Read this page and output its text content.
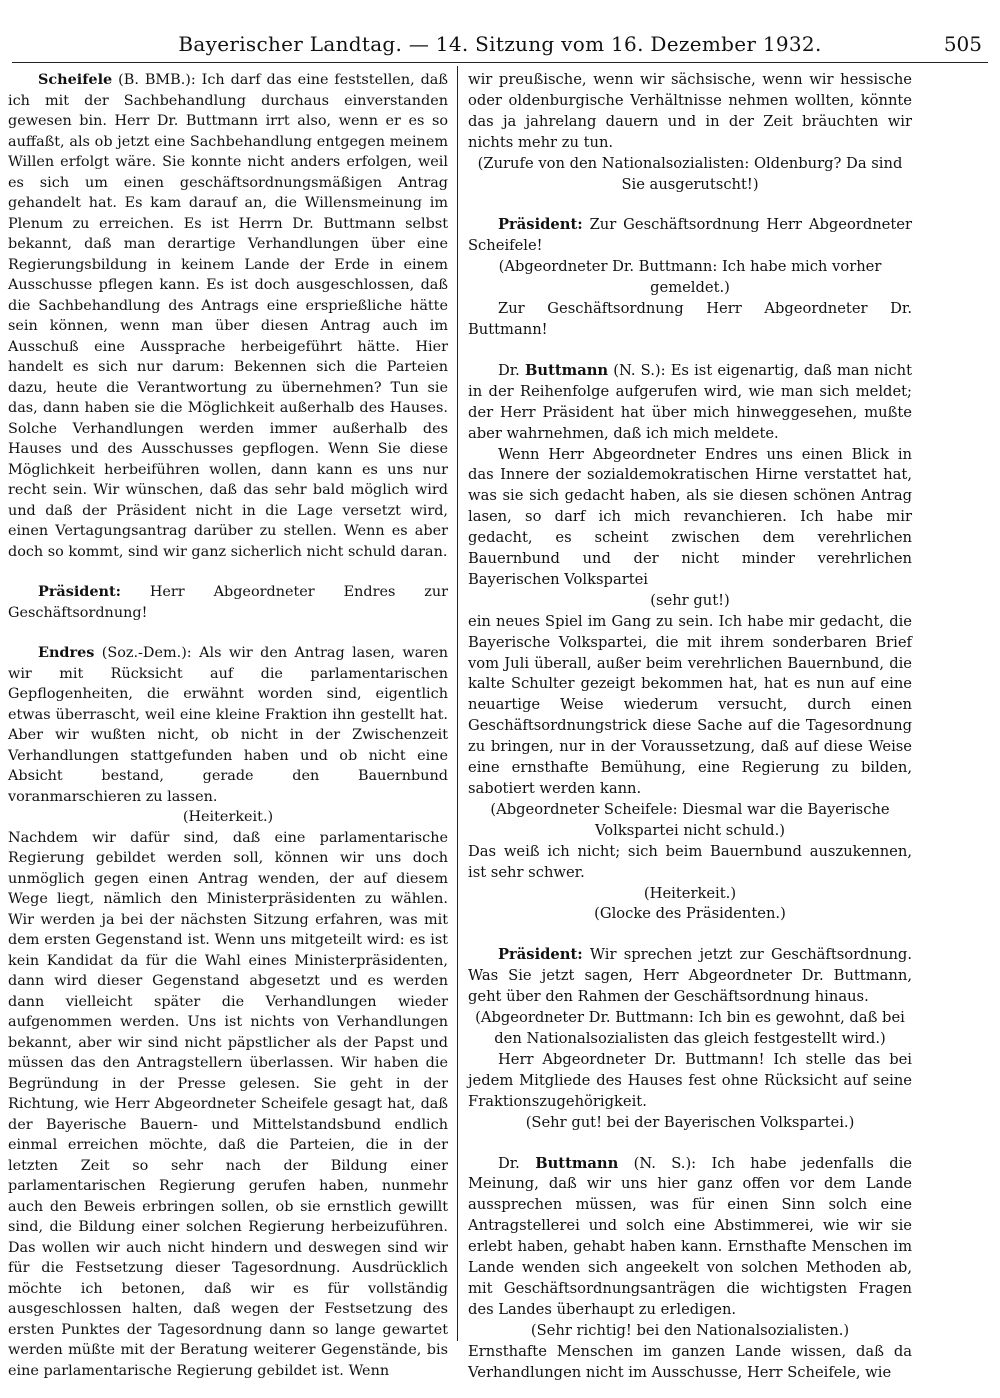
Bayerischer Landtag. — 14. Sitzung vom 16. Dezember 1932.	505

Scheifele (B. BMB.): Ich darf das eine feststellen, daß ich mit der Sachbehandlung durchaus einverstanden gewesen bin. Herr Dr. Buttmann irrt also, wenn er es so auffaßt, als ob jetzt eine Sachbehandlung entgegen meinem Willen erfolgt wäre. Sie konnte nicht anders erfolgen, weil es sich um einen geschäftsordnungsmäßigen Antrag gehandelt hat. Es kam darauf an, die Willensmeinung im Plenum zu erreichen. Es ist Herrn Dr. Buttmann selbst bekannt, daß man derartige Verhandlungen über eine Regierungsbildung in keinem Lande der Erde in einem Ausschusse pflegen kann. Es ist doch ausgeschlossen, daß die Sachbehandlung des Antrags eine ersprießliche hätte sein können, wenn man über diesen Antrag auch im Ausschuß eine Aussprache herbeigeführt hätte. Hier handelt es sich nur darum: Bekennen sich die Parteien dazu, heute die Verantwortung zu übernehmen? Tun sie das, dann haben sie die Möglichkeit außerhalb des Hauses. Solche Verhandlungen werden immer außerhalb des Hauses und des Ausschusses gepflogen. Wenn Sie diese Möglichkeit herbeiführen wollen, dann kann es uns nur recht sein. Wir wünschen, daß das sehr bald möglich wird und daß der Präsident nicht in die Lage versetzt wird, einen Vertagungsantrag darüber zu stellen. Wenn es aber doch so kommt, sind wir ganz sicherlich nicht schuld daran.

Präsident: Herr Abgeordneter Endres zur Geschäftsordnung!

Endres (Soz.-Dem.): Als wir den Antrag lasen, waren wir mit Rücksicht auf die parlamentarischen Gepflogenheiten, die erwähnt worden sind, eigentlich etwas überrascht, weil eine kleine Fraktion ihn gestellt hat. Aber wir wußten nicht, ob nicht in der Zwischenzeit Verhandlungen stattgefunden haben und ob nicht eine Absicht bestand, gerade den Bauernbund voranmarschieren zu lassen.

(Heiterkeit.)

Nachdem wir dafür sind, daß eine parlamentarische Regierung gebildet werden soll, können wir uns doch unmöglich gegen einen Antrag wenden, der auf diesem Wege liegt, nämlich den Ministerpräsidenten zu wählen. Wir werden ja bei der nächsten Sitzung erfahren, was mit dem ersten Gegenstand ist. Wenn uns mitgeteilt wird: es ist kein Kandidat da für die Wahl eines Ministerpräsidenten, dann wird dieser Gegenstand abgesetzt und es werden dann vielleicht später die Verhandlungen wieder aufgenommen werden. Uns ist nichts von Verhandlungen bekannt, aber wir sind nicht päpstlicher als der Papst und müssen das den Antragstellern überlassen. Wir haben die Begründung in der Presse gelesen. Sie geht in der Richtung, wie Herr Abgeordneter Scheifele gesagt hat, daß der Bayerische Bauern- und Mittelstandsbund endlich einmal erreichen möchte, daß die Parteien, die in der letzten Zeit so sehr nach der Bildung einer parlamentarischen Regierung gerufen haben, nunmehr auch den Beweis erbringen sollen, ob sie ernstlich gewillt sind, die Bildung einer solchen Regierung herbeizuführen. Das wollen wir auch nicht hindern und deswegen sind wir für die Festsetzung dieser Tagesordnung. Ausdrücklich möchte ich betonen, daß wir es für vollständig ausgeschlossen halten, daß wegen der Festsetzung des ersten Punktes der Tagesordnung dann so lange gewartet werden müßte mit der Beratung weiterer Gegenstände, bis eine parlamentarische Regierung gebildet ist. Wenn

wir preußische, wenn wir sächsische, wenn wir hessische oder oldenburgische Verhältnisse nehmen wollten, könnte das ja jahrelang dauern und in der Zeit bräuchten wir nichts mehr zu tun.

(Zurufe von den Nationalsozialisten: Oldenburg? Da sind Sie ausgerutscht!)

Präsident: Zur Geschäftsordnung Herr Abgeordneter Scheifele!

(Abgeordneter Dr. Buttmann: Ich habe mich vorher gemeldet.)

Zur Geschäftsordnung Herr Abgeordneter Dr. Buttmann!

Dr. Buttmann (N. S.): Es ist eigenartig, daß man nicht in der Reihenfolge aufgerufen wird, wie man sich meldet; der Herr Präsident hat über mich hinweggesehen, mußte aber wahrnehmen, daß ich mich meldete.

Wenn Herr Abgeordneter Endres uns einen Blick in das Innere der sozialdemokratischen Hirne verstattet hat, was sie sich gedacht haben, als sie diesen schönen Antrag lasen, so darf ich mich revanchieren. Ich habe mir gedacht, es scheint zwischen dem verehrlichen Bauernbund und der nicht minder verehrlichen Bayerischen Volkspartei

(sehr gut!)

ein neues Spiel im Gang zu sein. Ich habe mir gedacht, die Bayerische Volkspartei, die mit ihrem sonderbaren Brief vom Juli überall, außer beim verehrlichen Bauernbund, die kalte Schulter gezeigt bekommen hat, hat es nun auf eine neuartige Weise wiederum versucht, durch einen Geschäftsordnungstrick diese Sache auf die Tagesordnung zu bringen, nur in der Voraussetzung, daß auf diese Weise eine ernsthafte Bemühung, eine Regierung zu bilden, sabotiert werden kann.

(Abgeordneter Scheifele: Diesmal war die Bayerische Volkspartei nicht schuld.)

Das weiß ich nicht; sich beim Bauernbund auszukennen, ist sehr schwer.

(Heiterkeit.)

(Glocke des Präsidenten.)

Präsident: Wir sprechen jetzt zur Geschäftsordnung. Was Sie jetzt sagen, Herr Abgeordneter Dr. Buttmann, geht über den Rahmen der Geschäftsordnung hinaus.

(Abgeordneter Dr. Buttmann: Ich bin es gewohnt, daß bei den Nationalsozialisten das gleich festgestellt wird.)

Herr Abgeordneter Dr. Buttmann! Ich stelle das bei jedem Mitgliede des Hauses fest ohne Rücksicht auf seine Fraktionszugehörigkeit.

(Sehr gut! bei der Bayerischen Volkspartei.)

Dr. Buttmann (N. S.): Ich habe jedenfalls die Meinung, daß wir uns hier ganz offen vor dem Lande aussprechen müssen, was für einen Sinn solch eine Antragstellerei und solch eine Abstimmerei, wie wir sie erlebt haben, gehabt haben kann. Ernsthafte Menschen im Lande wenden sich angeekelt von solchen Methoden ab, mit Geschäftsordnungsanträgen die wichtigsten Fragen des Landes überhaupt zu erledigen.

(Sehr richtig! bei den Nationalsozialisten.)

Ernsthafte Menschen im ganzen Lande wissen, daß da Verhandlungen nicht im Ausschusse, Herr Scheifele, wie
